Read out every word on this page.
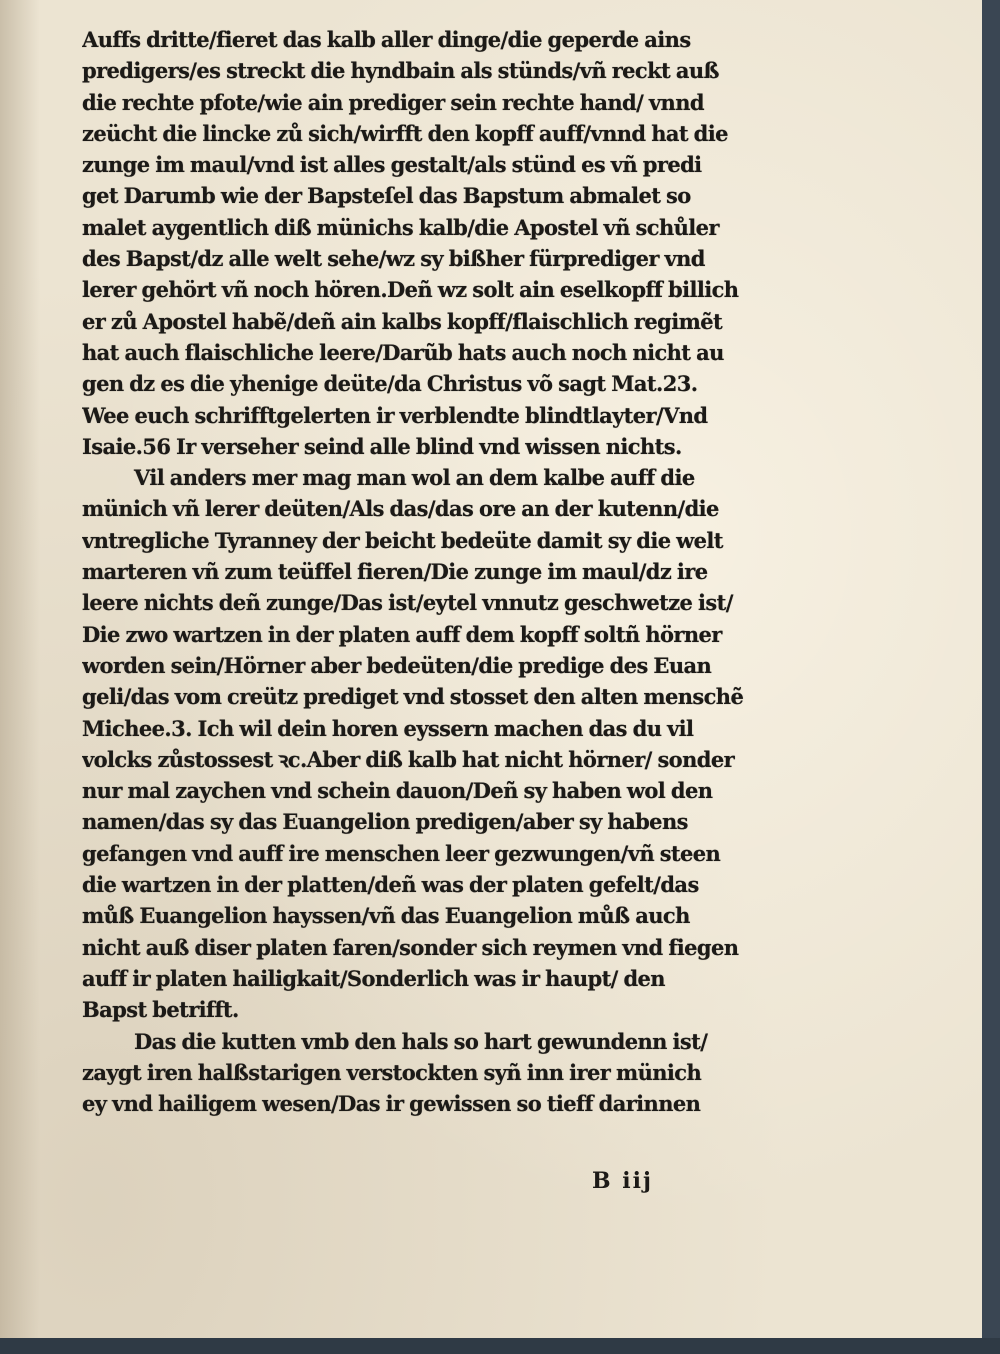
Auffs dritte/fieret das kalb aller dinge/die geperde ains
predigers/es streckt die hyndbain als stünds/vñ reckt auß
die rechte pfote/wie ain prediger sein rechte hand/ vnnd
zeücht die lincke zů sich/wirfft den kopff auff/vnnd hat die
zunge im maul/vnd ist alles gestalt/als stünd es vñ predi
get Darumb wie der Bapsteſel das Bapstum abmalet so
malet aygentlich diß münichs kalb/die Apostel vñ schůler
des Bapst/dz alle welt sehe/wz sy bißher fürprediger vnd
lerer gehört vñ noch hören.Deñ wz solt ain eselkopff billich
er zů Apostel habẽ/deñ ain kalbs kopff/flaischlich regimẽt
hat auch flaischliche leere/Darũb hats auch noch nicht au
gen dz es die yhenige deüte/da Christus võ sagt Mat.23.
Wee euch schrifftgelerten ir verblendte blindtlayter/Vnd
Isaie.56 Ir verseher seind alle blind vnd wissen nichts.
Vil anders mer mag man wol an dem kalbe auff die
münich vñ lerer deüten/Als das/das ore an der kutenn/die
vntregliche Tyranney der beicht bedeüte damit sy die welt
marteren vñ zum teüffel fieren/Die zunge im maul/dz ire
leere nichts deñ zunge/Das ist/eytel vnnutz geschwetze ist/
Die zwo wartzen in der platen auff dem kopff soltñ hörner
worden sein/Hörner aber bedeüten/die predige des Euan
geli/das vom creütz prediget vnd stosset den alten menschẽ
Michee.3. Ich wil dein horen eyssern machen das du vil
volcks zůstossest ꝛc.Aber diß kalb hat nicht hörner/ sonder
nur mal zaychen vnd schein dauon/Deñ sy haben wol den
namen/das sy das Euangelion predigen/aber sy habens
gefangen vnd auff ire menschen leer gezwungen/vñ steen
die wartzen in der platten/deñ was der platen gefelt/das
můß Euangelion hayssen/vñ das Euangelion můß auch
nicht auß diser platen faren/sonder sich reymen vnd fiegen
auff ir platen hailigkait/Sonderlich was ir haupt/ den
Bapst betrifft.
Das die kutten vmb den hals so hart gewundenn ist/
zaygt iren halßstarigen verstockten syñ inn irer münich
ey vnd hailigem wesen/Das ir gewissen so tieff darinnen
B iij
